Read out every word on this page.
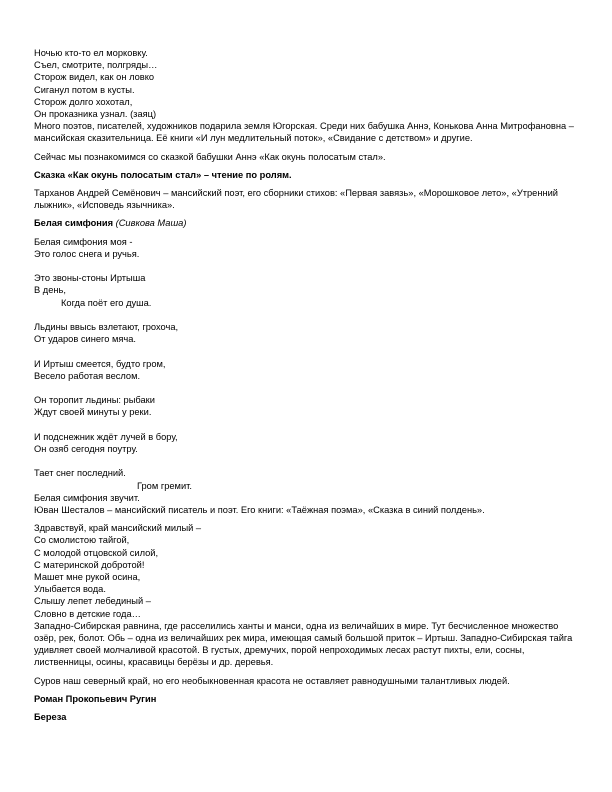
Ночью кто-то ел морковку.
Съел, смотрите, полгряды…
Сторож видел, как он ловко
Сиганул потом в кусты.
Сторож долго хохотал,
Он проказника узнал. (заяц)
Много поэтов, писателей, художников подарила земля Югорская. Среди них бабушка Аннэ, Конькова Анна Митрофановна – мансийская сказительница. Её книги «И лун медлительный поток», «Свидание с детством» и другие.
Сейчас мы познакомимся со сказкой бабушки Аннэ «Как окунь полосатым стал».
Сказка «Как окунь полосатым стал» – чтение по ролям.
Тарханов Андрей Семёнович – мансийский поэт, его сборники стихов: «Первая завязь», «Морошковое лето», «Утренний лыжник», «Исповедь язычника».
Белая симфония (Сивкова Маша)
Белая симфония моя -
Это голос снега и ручья.
Это звоны-стоны Иртыша
В день,
Когда поёт его душа.
Льдины ввысь взлетают, грохоча,
От ударов синего мяча.
И Иртыш смеется, будто гром,
Весело работая веслом.
Он торопит льдины: рыбаки
Ждут своей минуты у реки.
И подснежник ждёт лучей в бору,
Он озяб сегодня поутру.
Тает снег последний.
Гром гремит.
Белая симфония звучит.
Ювaн Шесталов – мансийский писатель и поэт. Его книги: «Таёжная поэма», «Сказка в синий полдень».
Здравствуй, край мансийский милый –
Со смолистою тайгой,
С молодой отцовской силой,
С материнской добротой!
Машет мне рукой осина,
Улыбается вода.
Слышу лепет лебединый –
Словно в детские года…
Западно-Сибирская равнина, где расселились ханты и манси, одна из величайших в мире. Тут бесчисленное множество озёр, рек, болот. Обь – одна из величайших рек мира, имеющая самый большой приток – Иртыш. Западно-Сибирская тайга удивляет своей молчаливой красотой. В густых, дремучих, порой непроходимых лесах растут пихты, ели, сосны, лиственницы, осины, красавицы берёзы и др. деревья.
Суров наш северный край, но его необыкновенная красота не оставляет равнодушными талантливых людей.
Роман Прокопьевич Ругин
Береза
